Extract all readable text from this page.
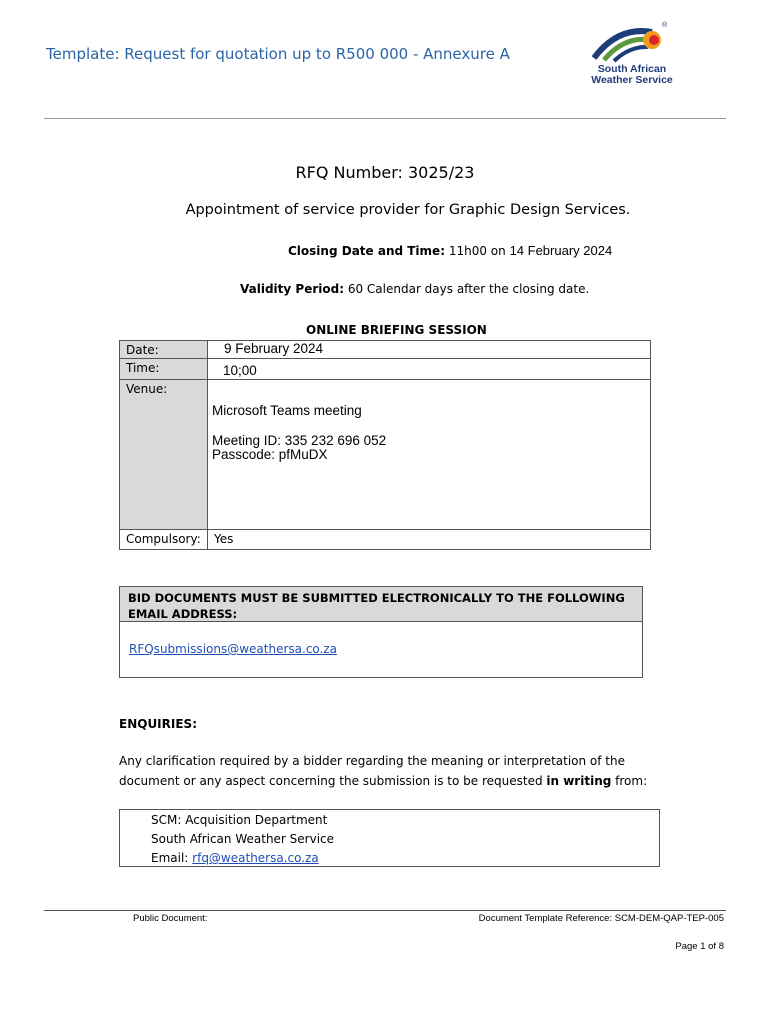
Template: Request for quotation up to R500 000 - Annexure A
®
South African
Weather Service
RFQ Number: 3025/23
Appointment of service provider for Graphic Design Services.
Closing Date and Time: 11h00 on 14 February 2024
Validity Period: 60 Calendar days after the closing date.
ONLINE BRIEFING SESSION
Date:	9 February 2024
Time:	10;00
Venue:
Microsoft Teams meeting
Meeting ID: 335 232 696 052
Passcode: pfMuDX
Compulsory:	Yes
BID DOCUMENTS MUST BE SUBMITTED ELECTRONICALLY TO THE FOLLOWING EMAIL ADDRESS:
RFQsubmissions@weathersa.co.za
ENQUIRIES:
Any clarification required by a bidder regarding the meaning or interpretation of the document or any aspect concerning the submission is to be requested in writing from:
SCM: Acquisition Department
South African Weather Service
Email: rfq@weathersa.co.za
Public Document:	Document Template Reference: SCM-DEM-QAP-TEP-005
Page 1 of 8
